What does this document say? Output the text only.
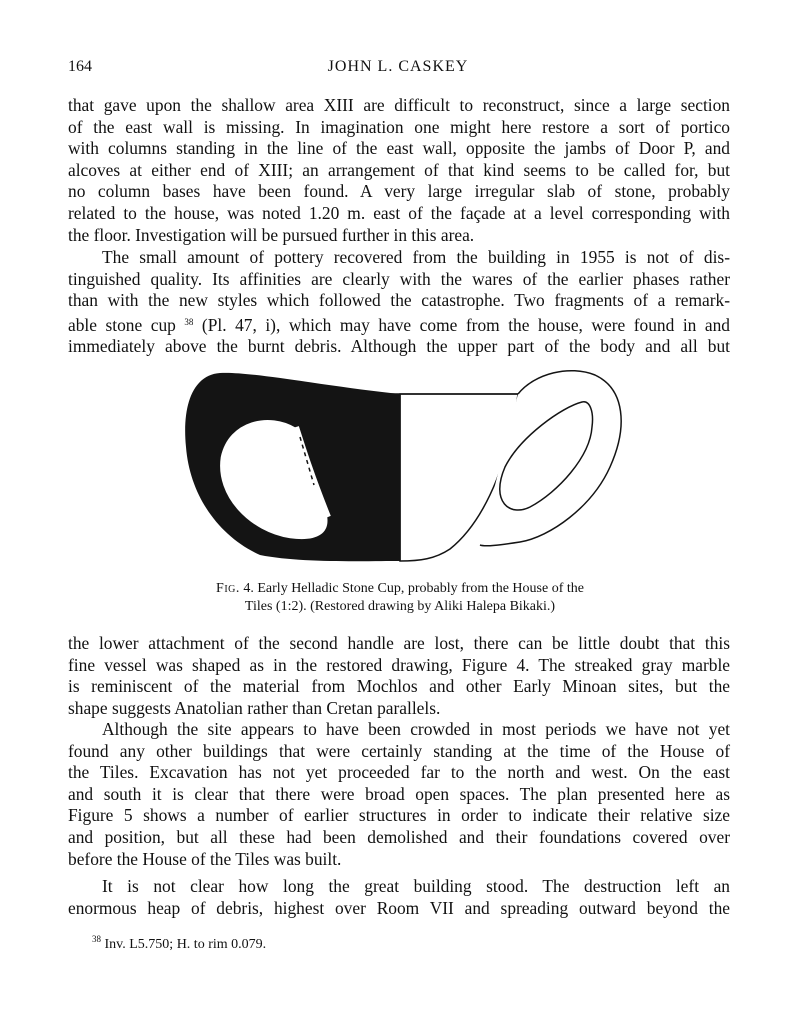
164	JOHN L. CASKEY
that gave upon the shallow area XIII are difficult to reconstruct, since a large section
of the east wall is missing. In imagination one might here restore a sort of portico
with columns standing in the line of the east wall, opposite the jambs of Door P, and
alcoves at either end of XIII; an arrangement of that kind seems to be called for, but
no column bases have been found. A very large irregular slab of stone, probably
related to the house, was noted 1.20 m. east of the façade at a level corresponding with
the floor. Investigation will be pursued further in this area.
The small amount of pottery recovered from the building in 1955 is not of dis-
tinguished quality. Its affinities are clearly with the wares of the earlier phases rather
than with the new styles which followed the catastrophe. Two fragments of a remark-
able stone cup $^{38}$ (Pl. 47, i), which may have come from the house, were found in and
immediately above the burnt debris. Although the upper part of the body and all but
Fig. 4. Early Helladic Stone Cup, probably from the House of the
Tiles (1:2). (Restored drawing by Aliki Halepa Bikaki.)
the lower attachment of the second handle are lost, there can be little doubt that this
fine vessel was shaped as in the restored drawing, Figure 4. The streaked gray marble
is reminiscent of the material from Mochlos and other Early Minoan sites, but the
shape suggests Anatolian rather than Cretan parallels.
Although the site appears to have been crowded in most periods we have not yet
found any other buildings that were certainly standing at the time of the House of
the Tiles. Excavation has not yet proceeded far to the north and west. On the east
and south it is clear that there were broad open spaces. The plan presented here as
Figure 5 shows a number of earlier structures in order to indicate their relative size
and position, but all these had been demolished and their foundations covered over
before the House of the Tiles was built.
It is not clear how long the great building stood. The destruction left an
enormous heap of debris, highest over Room VII and spreading outward beyond the
$^{38}$ Inv. L5.750; H. to rim 0.079.
